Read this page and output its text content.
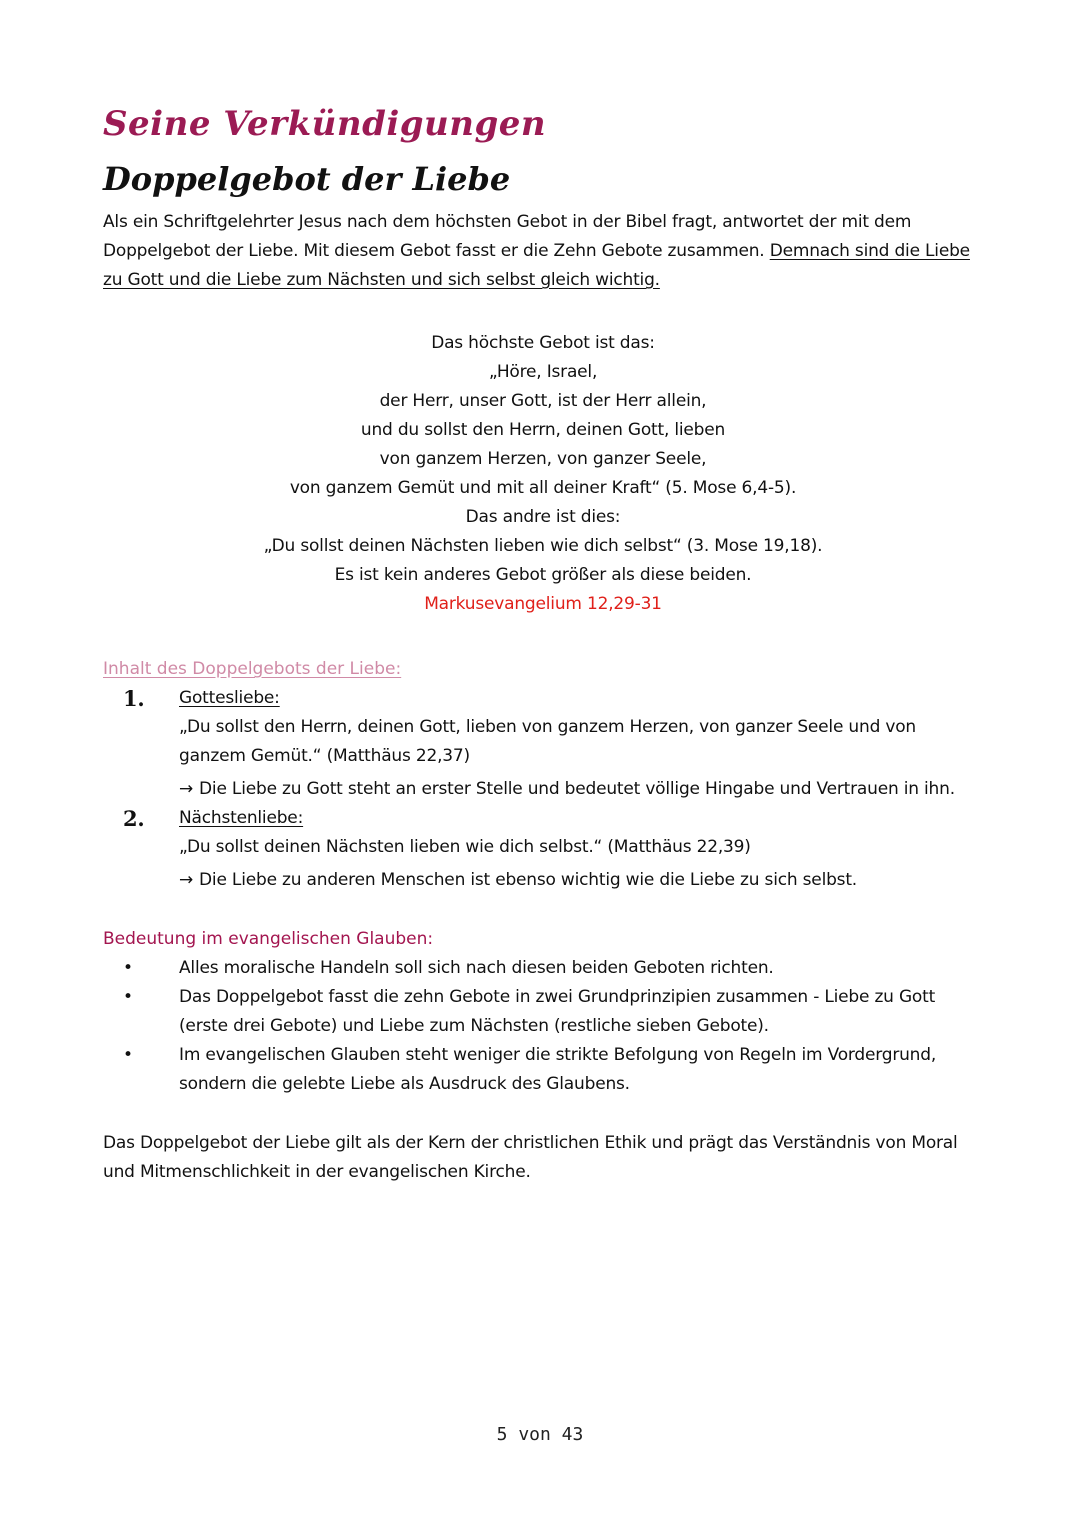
Seine Verkündigungen
Doppelgebot der Liebe

Als ein Schriftgelehrter Jesus nach dem höchsten Gebot in der Bibel fragt, antwortet der mit dem Doppelgebot der Liebe. Mit diesem Gebot fasst er die Zehn Gebote zusammen. Demnach sind die Liebe zu Gott und die Liebe zum Nächsten und sich selbst gleich wichtig.

Das höchste Gebot ist das:
„Höre, Israel,
der Herr, unser Gott, ist der Herr allein,
und du sollst den Herrn, deinen Gott, lieben
von ganzem Herzen, von ganzer Seele,
von ganzem Gemüt und mit all deiner Kraft“ (5. Mose 6,4-5).
Das andre ist dies:
„Du sollst deinen Nächsten lieben wie dich selbst“ (3. Mose 19,18).
Es ist kein anderes Gebot größer als diese beiden.
Markusevangelium 12,29-31
Inhalt des Doppelgebots der Liebe:
1. Gottesliebe:
„Du sollst den Herrn, deinen Gott, lieben von ganzem Herzen, von ganzer Seele und von ganzem Gemüt.“ (Matthäus 22,37)
→ Die Liebe zu Gott steht an erster Stelle und bedeutet völlige Hingabe und Vertrauen in ihn.
2. Nächstenliebe:
„Du sollst deinen Nächsten lieben wie dich selbst.“ (Matthäus 22,39)
→ Die Liebe zu anderen Menschen ist ebenso wichtig wie die Liebe zu sich selbst.
Bedeutung im evangelischen Glauben:
•	Alles moralische Handeln soll sich nach diesen beiden Geboten richten.
•	Das Doppelgebot fasst die zehn Gebote in zwei Grundprinzipien zusammen - Liebe zu Gott (erste drei Gebote) und Liebe zum Nächsten (restliche sieben Gebote).
•	Im evangelischen Glauben steht weniger die strikte Befolgung von Regeln im Vordergrund, sondern die gelebte Liebe als Ausdruck des Glaubens.

Das Doppelgebot der Liebe gilt als der Kern der christlichen Ethik und prägt das Verständnis von Moral und Mitmenschlichkeit in der evangelischen Kirche.

5 von 43
